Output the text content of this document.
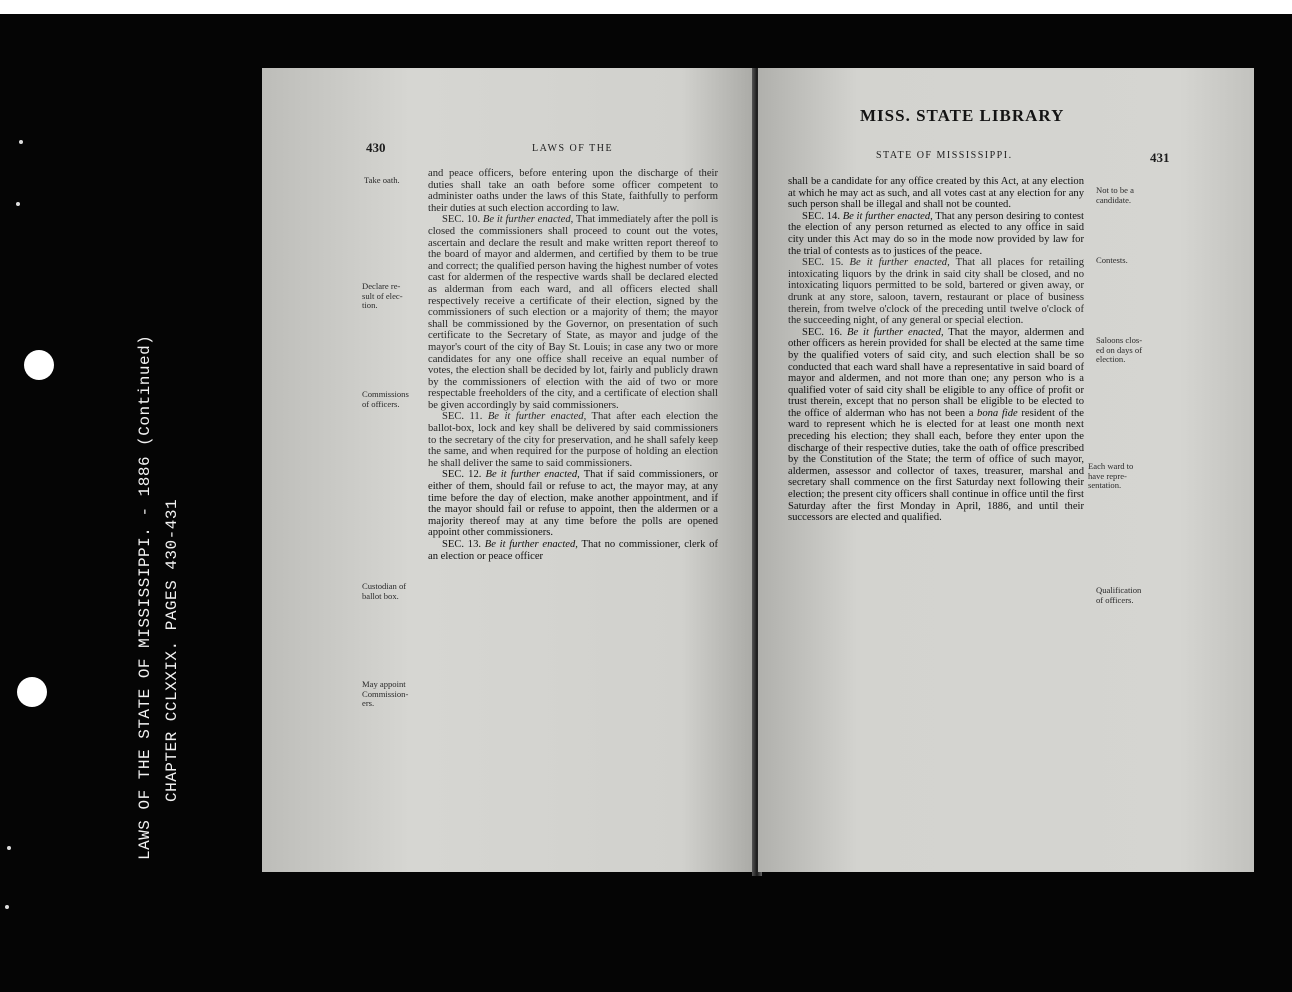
LAWS OF THE STATE OF MISSISSIPPI. - 1886 (Continued) CHAPTER CCLXXIX. PAGES 430-431
430	LAWS OF THE
Take oath.
Declare re-
sult of elec-
tion.
Commissions
of officers.
Custodian of
ballot box.
May appoint
Commission-
ers.

and peace officers, before entering upon the discharge of their duties shall take an oath before some officer competent to administer oaths under the laws of this State, faithfully to perform their duties at such election according to law.

SEC. 10. Be it further enacted, That immediately after the poll is closed the commissioners shall proceed to count out the votes, ascertain and declare the result and make written report thereof to the board of mayor and aldermen, and certified by them to be true and correct; the qualified person having the highest number of votes cast for aldermen of the respective wards shall be declared elected as alderman from each ward, and all officers elected shall respectively receive a certificate of their election, signed by the commissioners of such election or a majority of them; the mayor shall be commissioned by the Governor, on presentation of such certificate to the Secretary of State, as mayor and judge of the mayor's court of the city of Bay St. Louis; in case any two or more candidates for any one office shall receive an equal number of votes, the election shall be decided by lot, fairly and publicly drawn by the commissioners of election with the aid of two or more respectable freeholders of the city, and a certificate of election shall be given accordingly by said commissioners.

SEC. 11. Be it further enacted, That after each election the ballot-box, lock and key shall be delivered by said commissioners to the secretary of the city for preservation, and he shall safely keep the same, and when required for the purpose of holding an election he shall deliver the same to said commissioners.

SEC. 12. Be it further enacted, That if said commissioners, or either of them, should fail or refuse to act, the mayor may, at any time before the day of election, make another appointment, and if the mayor should fail or refuse to appoint, then the aldermen or a majority thereof may at any time before the polls are opened appoint other commissioners.

SEC. 13. Be it further enacted, That no commissioner, clerk of an election or peace officer

MISS. STATE LIBRARY
STATE OF MISSISSIPPI.	431
Not to be a
candidate.
Contests.
Saloons clos-
ed on days of
election.
Each ward to
have repre-
sentation.
Qualification
of officers.

shall be a candidate for any office created by this Act, at any election at which he may act as such, and all votes cast at any election for any such person shall be illegal and shall not be counted.

SEC. 14. Be it further enacted, That any person desiring to contest the election of any person returned as elected to any office in said city under this Act may do so in the mode now provided by law for the trial of contests as to justices of the peace.

SEC. 15. Be it further enacted, That all places for retailing intoxicating liquors by the drink in said city shall be closed, and no intoxicating liquors permitted to be sold, bartered or given away, or drunk at any store, saloon, tavern, restaurant or place of business therein, from twelve o'clock of the preceding until twelve o'clock of the succeeding night, of any general or special election.

SEC. 16. Be it further enacted, That the mayor, aldermen and other officers as herein provided for shall be elected at the same time by the qualified voters of said city, and such election shall be so conducted that each ward shall have a representative in said board of mayor and aldermen, and not more than one; any person who is a qualified voter of said city shall be eligible to any office of profit or trust therein, except that no person shall be eligible to be elected to the office of alderman who has not been a bona fide resident of the ward to represent which he is elected for at least one month next preceding his election; they shall each, before they enter upon the discharge of their respective duties, take the oath of office prescribed by the Constitution of the State; the term of office of such mayor, aldermen, assessor and collector of taxes, treasurer, marshal and secretary shall commence on the first Saturday next following their election; the present city officers shall continue in office until the first Saturday after the first Monday in April, 1886, and until their successors are elected and qualified.
